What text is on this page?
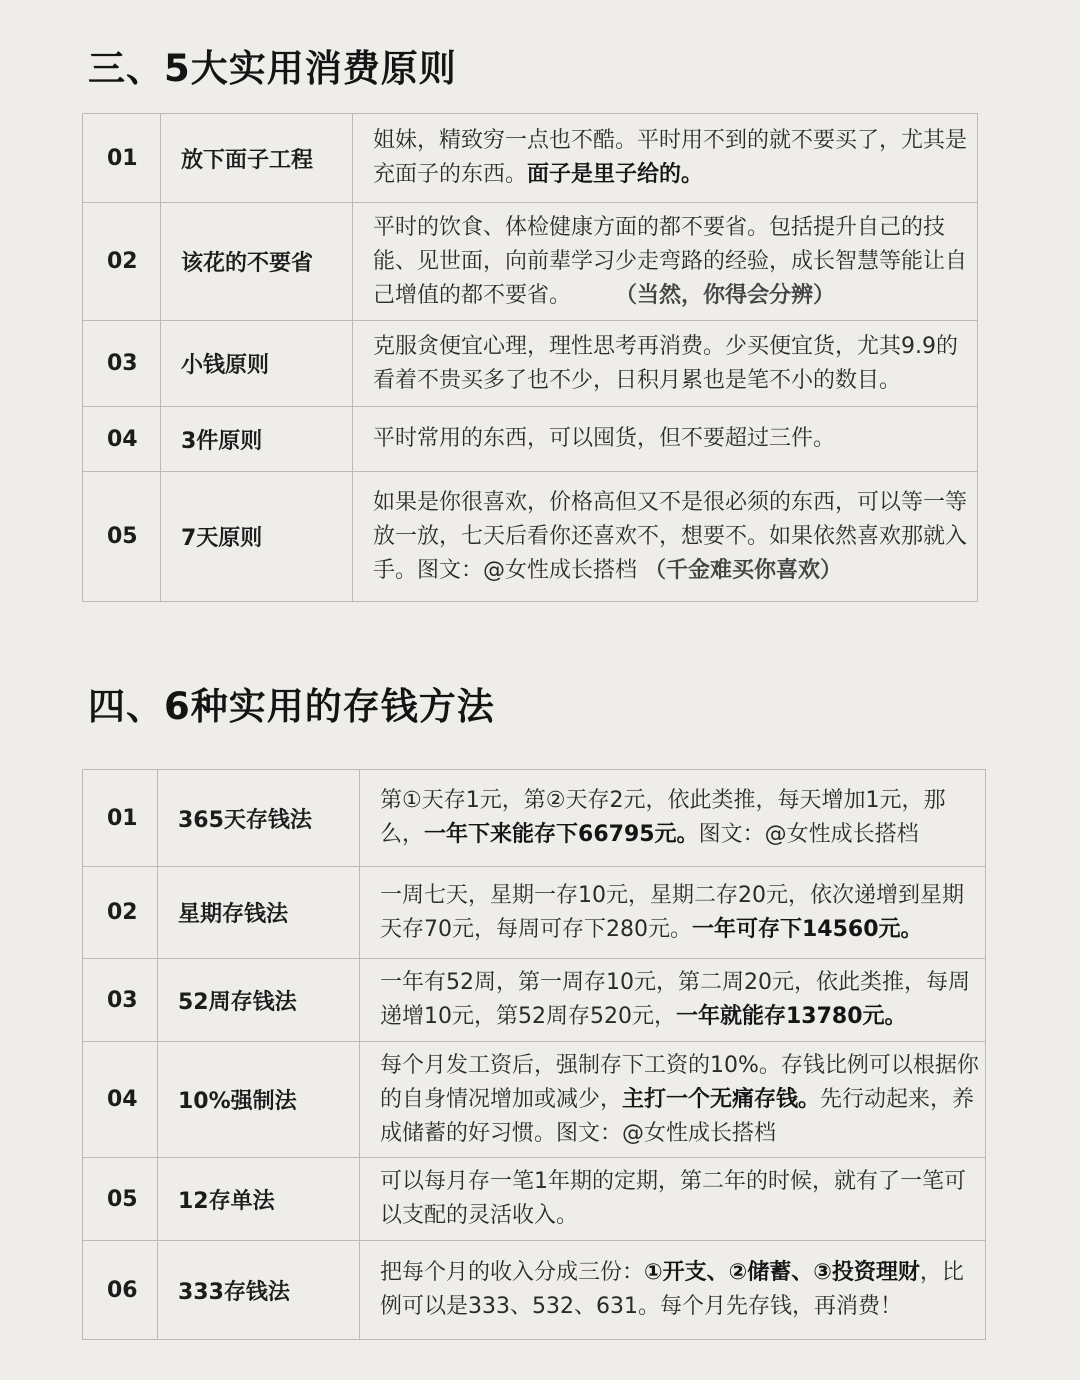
三、5大实用消费原则
01	放下面子工程	姐妹，精致穷一点也不酷。平时用不到的就不要买了，尤其是充面子的东西。面子是里子给的。
02	该花的不要省	平时的饮食、体检健康方面的都不要省。包括提升自己的技能、见世面，向前辈学习少走弯路的经验，成长智慧等能让自己增值的都不要省。 （当然，你得会分辨）
03	小钱原则	克服贪便宜心理，理性思考再消费。少买便宜货，尤其9.9的看着不贵买多了也不少，日积月累也是笔不小的数目。
04	3件原则	平时常用的东西，可以囤货，但不要超过三件。
05	7天原则	如果是你很喜欢，价格高但又不是很必须的东西，可以等一等放一放，七天后看你还喜欢不，想要不。如果依然喜欢那就入手。图文：@女性成长搭档 （千金难买你喜欢）
四、6种实用的存钱方法
01	365天存钱法	第①天存1元，第②天存2元，依此类推，每天增加1元，那么，一年下来能存下66795元。图文：@女性成长搭档
02	星期存钱法	一周七天，星期一存10元，星期二存20元，依次递增到星期天存70元，每周可存下280元。一年可存下14560元。
03	52周存钱法	一年有52周，第一周存10元，第二周20元，依此类推，每周递增10元，第52周存520元，一年就能存13780元。
04	10%强制法	每个月发工资后，强制存下工资的10%。存钱比例可以根据你的自身情况增加或减少，主打一个无痛存钱。先行动起来，养成储蓄的好习惯。图文：@女性成长搭档
05	12存单法	可以每月存一笔1年期的定期，第二年的时候，就有了一笔可以支配的灵活收入。
06	333存钱法	把每个月的收入分成三份：①开支、②储蓄、③投资理财，比例可以是333、532、631。每个月先存钱，再消费！
